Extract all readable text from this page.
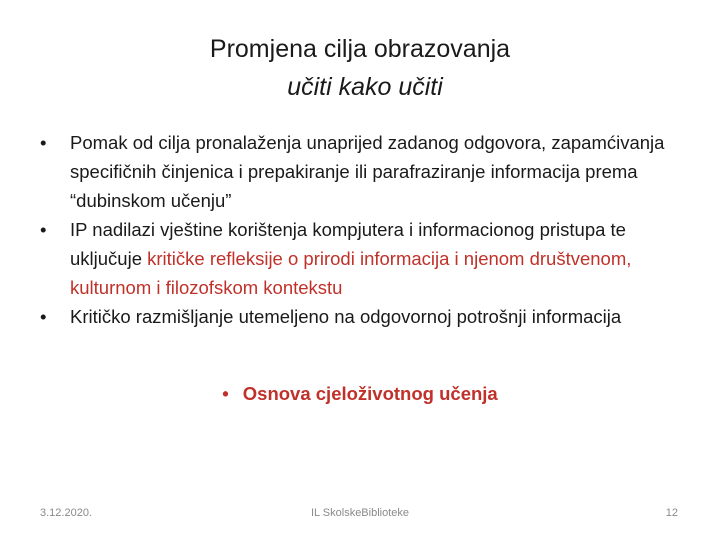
Promjena cilja obrazovanja
učiti kako učiti
• Pomak od cilja pronalaženja unaprijed zadanog odgovora, zapamćivanja specifičnih činjenica i prepakiranje ili parafraziranje informacija prema “dubinskom učenju”
• IP nadilazi vještine korištenja kompjutera i informacionog pristupa te uključuje kritičke refleksije o prirodi informacija i njenom društvenom, kulturnom i filozofskom kontekstu
• Kritičko razmišljanje utemeljeno na odgovornoj potrošnji informacija
• Osnova cjeloživotnog učenja
3.12.2020.	IL SkolskeBiblioteke	12
